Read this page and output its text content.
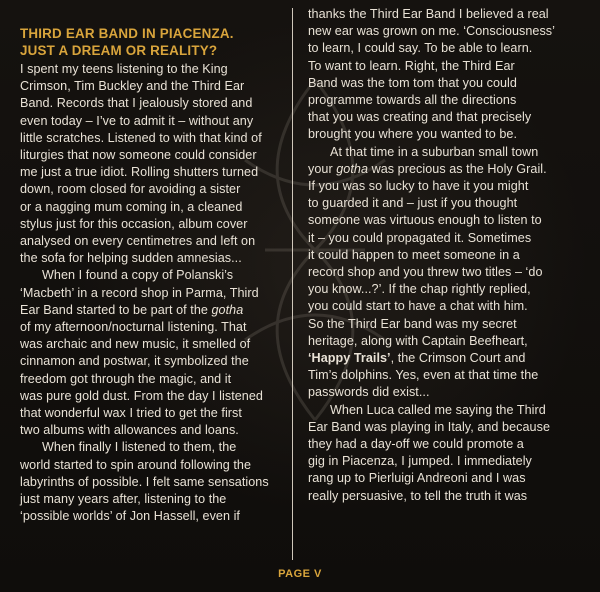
THIRD EAR BAND IN PIACENZA.
JUST A DREAM OR REALITY?

I spent my teens listening to the King
Crimson, Tim Buckley and the Third Ear
Band. Records that I jealously stored and
even today – I’ve to admit it – without any
little scratches. Listened to with that kind of
liturgies that now someone could consider
me just a true idiot. Rolling shutters turned
down, room closed for avoiding a sister
or a nagging mum coming in, a cleaned
stylus just for this occasion, album cover
analysed on every centimetres and left on
the sofa for helping sudden amnesias...

When I found a copy of Polanski’s
‘Macbeth’ in a record shop in Parma, Third
Ear Band started to be part of the gotha
of my afternoon/nocturnal listening. That
was archaic and new music, it smelled of
cinnamon and postwar, it symbolized the
freedom got through the magic, and it
was pure gold dust. From the day I listened
that wonderful wax I tried to get the first
two albums with allowances and loans.

When finally I listened to them, the
world started to spin around following the
labyrinths of possible. I felt same sensations
just many years after, listening to the
‘possible worlds’ of Jon Hassell, even if

thanks the Third Ear Band I believed a real
new ear was grown on me. ‘Consciousness’
to learn, I could say. To be able to learn.
To want to learn. Right, the Third Ear
Band was the tom tom that you could
programme towards all the directions
that you was creating and that precisely
brought you where you wanted to be.

At that time in a suburban small town
your gotha was precious as the Holy Grail.
If you was so lucky to have it you might
to guarded it and – just if you thought
someone was virtuous enough to listen to
it – you could propagated it. Sometimes
it could happen to meet someone in a
record shop and you threw two titles – ‘do
you know...?’. If the chap rightly replied,
you could start to have a chat with him.
So the Third Ear band was my secret
heritage, along with Captain Beefheart,
‘Happy Trails’, the Crimson Court and
Tim’s dolphins. Yes, even at that time the
passwords did exist...

When Luca called me saying the Third
Ear Band was playing in Italy, and because
they had a day-off we could promote a
gig in Piacenza, I jumped. I immediately
rang up to Pierluigi Andreoni and I was
really persuasive, to tell the truth it was

PAGE V
